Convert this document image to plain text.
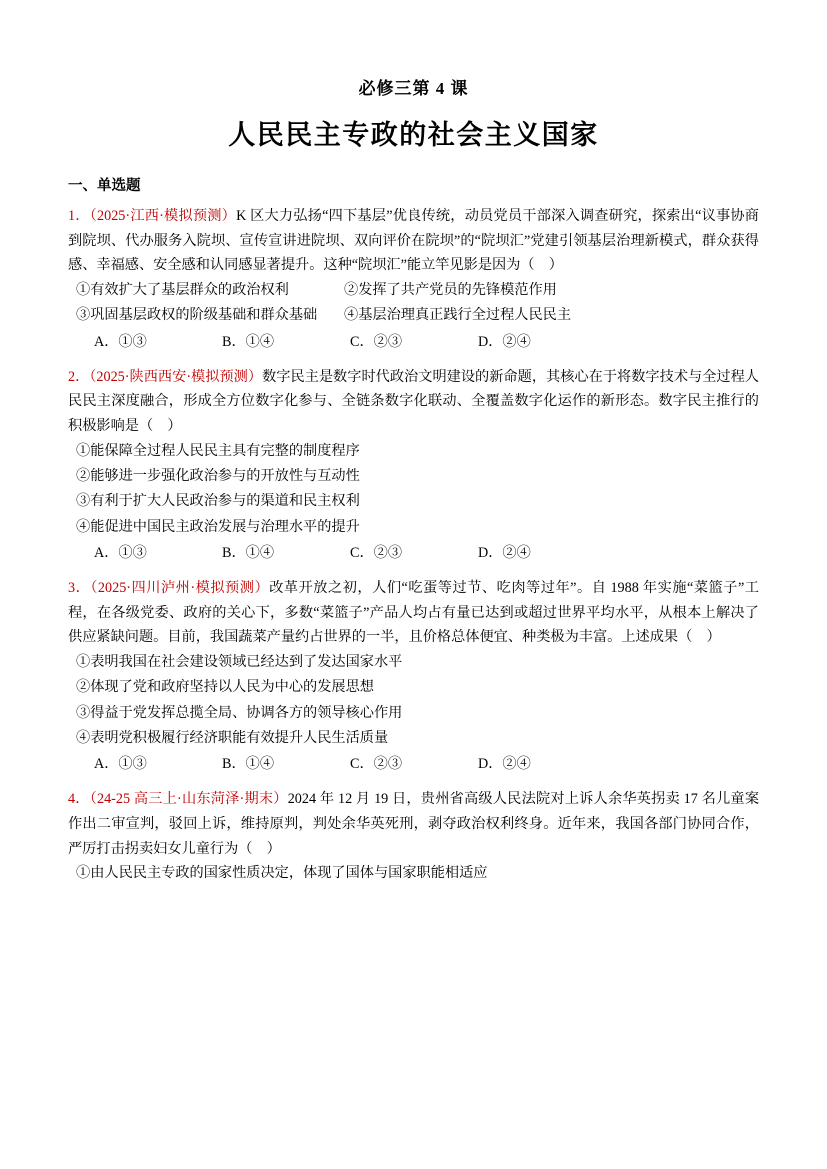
必修三第 4 课
人民民主专政的社会主义国家
一、单选题
1．（2025·江西·模拟预测）K 区大力弘扬“四下基层”优良传统，动员党员干部深入调查研究，探索出“议事协商到院坝、代办服务入院坝、宣传宣讲进院坝、双向评价在院坝”的“院坝汇”党建引领基层治理新模式，群众获得感、幸福感、安全感和认同感显著提升。这种“院坝汇”能立竿见影是因为（　）
①有效扩大了基层群众的政治权利	②发挥了共产党员的先锋模范作用
③巩固基层政权的阶级基础和群众基础	④基层治理真正践行全过程人民民主
A．①③	B．①④	C．②③	D．②④
2．（2025·陕西西安·模拟预测）数字民主是数字时代政治文明建设的新命题，其核心在于将数字技术与全过程人民民主深度融合，形成全方位数字化参与、全链条数字化联动、全覆盖数字化运作的新形态。数字民主推行的积极影响是（　）
①能保障全过程人民民主具有完整的制度程序
②能够进一步强化政治参与的开放性与互动性
③有利于扩大人民政治参与的渠道和民主权利
④能促进中国民主政治发展与治理水平的提升
A．①③	B．①④	C．②③	D．②④
3．（2025·四川泸州·模拟预测）改革开放之初，人们“吃蛋等过节、吃肉等过年”。自 1988 年实施“菜篮子”工程，在各级党委、政府的关心下，多数“菜篮子”产品人均占有量已达到或超过世界平均水平，从根本上解决了供应紧缺问题。目前，我国蔬菜产量约占世界的一半，且价格总体便宜、种类极为丰富。上述成果（　）
①表明我国在社会建设领域已经达到了发达国家水平
②体现了党和政府坚持以人民为中心的发展思想
③得益于党发挥总揽全局、协调各方的领导核心作用
④表明党积极履行经济职能有效提升人民生活质量
A．①③	B．①④	C．②③	D．②④
4．（24-25 高三上·山东菏泽·期末）2024 年 12 月 19 日，贵州省高级人民法院对上诉人余华英拐卖 17 名儿童案作出二审宣判，驳回上诉，维持原判，判处余华英死刑，剥夺政治权利终身。近年来，我国各部门协同合作，严厉打击拐卖妇女儿童行为（　）
①由人民民主专政的国家性质决定，体现了国体与国家职能相适应
